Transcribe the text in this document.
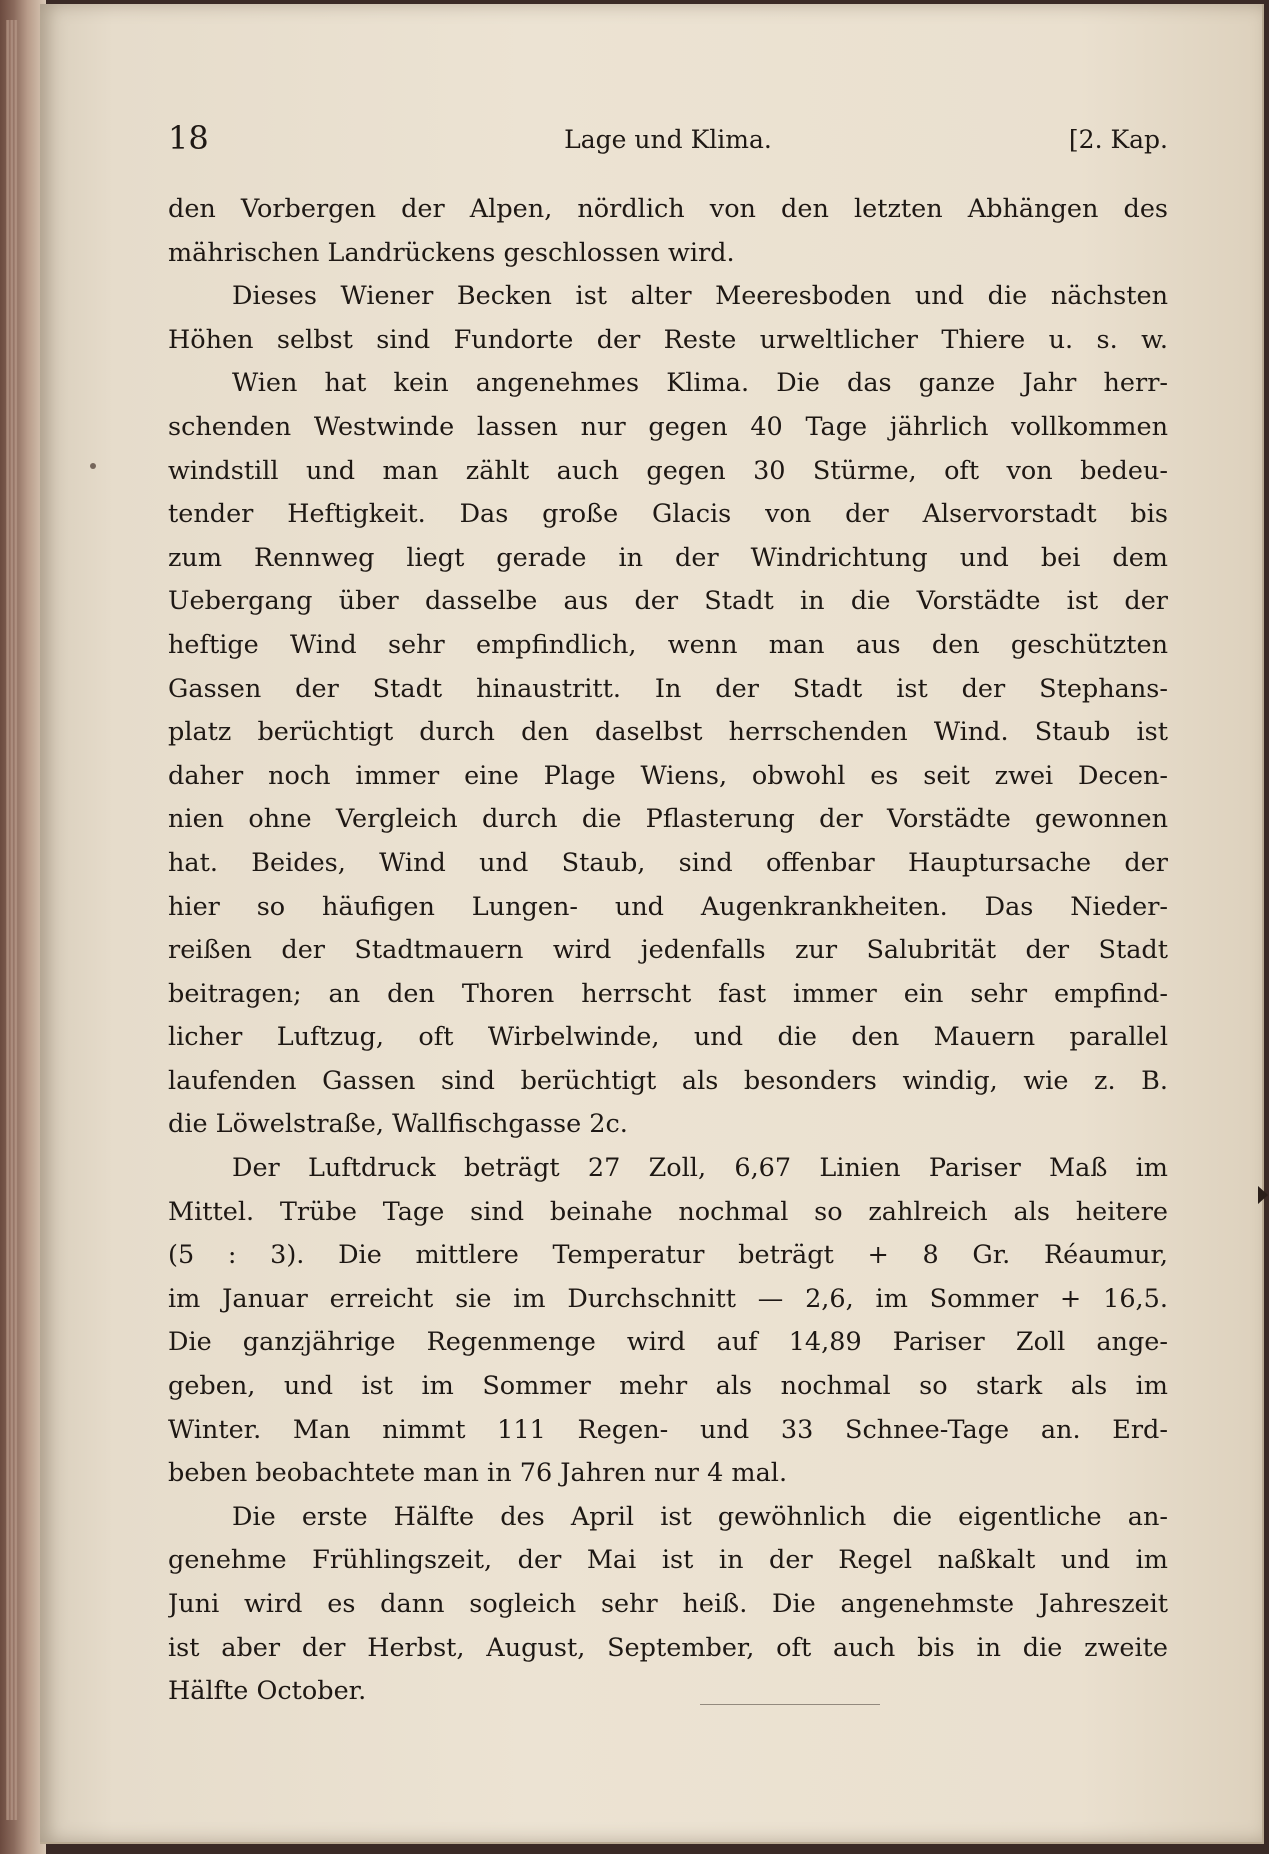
18	Lage und Klima.	[2. Kap.
den Vorbergen der Alpen, nördlich von den letzten Abhängen des
mährischen Landrückens geschlossen wird.
Dieses Wiener Becken ist alter Meeresboden und die nächsten
Höhen selbst sind Fundorte der Reste urweltlicher Thiere u. s. w.
Wien hat kein angenehmes Klima. Die das ganze Jahr herr-
schenden Westwinde lassen nur gegen 40 Tage jährlich vollkommen
windstill und man zählt auch gegen 30 Stürme, oft von bedeu-
tender Heftigkeit. Das große Glacis von der Alservorstadt bis
zum Rennweg liegt gerade in der Windrichtung und bei dem
Uebergang über dasselbe aus der Stadt in die Vorstädte ist der
heftige Wind sehr empfindlich, wenn man aus den geschützten
Gassen der Stadt hinaustritt. In der Stadt ist der Stephans-
platz berüchtigt durch den daselbst herrschenden Wind. Staub ist
daher noch immer eine Plage Wiens, obwohl es seit zwei Decen-
nien ohne Vergleich durch die Pflasterung der Vorstädte gewonnen
hat. Beides, Wind und Staub, sind offenbar Hauptursache der
hier so häufigen Lungen- und Augenkrankheiten. Das Nieder-
reißen der Stadtmauern wird jedenfalls zur Salubrität der Stadt
beitragen; an den Thoren herrscht fast immer ein sehr empfind-
licher Luftzug, oft Wirbelwinde, und die den Mauern parallel
laufenden Gassen sind berüchtigt als besonders windig, wie z. B.
die Löwelstraße, Wallfischgasse 2c.
Der Luftdruck beträgt 27 Zoll, 6,67 Linien Pariser Maß im
Mittel. Trübe Tage sind beinahe nochmal so zahlreich als heitere
(5 : 3). Die mittlere Temperatur beträgt + 8 Gr. Réaumur,
im Januar erreicht sie im Durchschnitt — 2,6, im Sommer + 16,5.
Die ganzjährige Regenmenge wird auf 14,89 Pariser Zoll ange-
geben, und ist im Sommer mehr als nochmal so stark als im
Winter. Man nimmt 111 Regen- und 33 Schnee-Tage an. Erd-
beben beobachtete man in 76 Jahren nur 4 mal.
Die erste Hälfte des April ist gewöhnlich die eigentliche an-
genehme Frühlingszeit, der Mai ist in der Regel naßkalt und im
Juni wird es dann sogleich sehr heiß. Die angenehmste Jahreszeit
ist aber der Herbst, August, September, oft auch bis in die zweite
Hälfte October.
